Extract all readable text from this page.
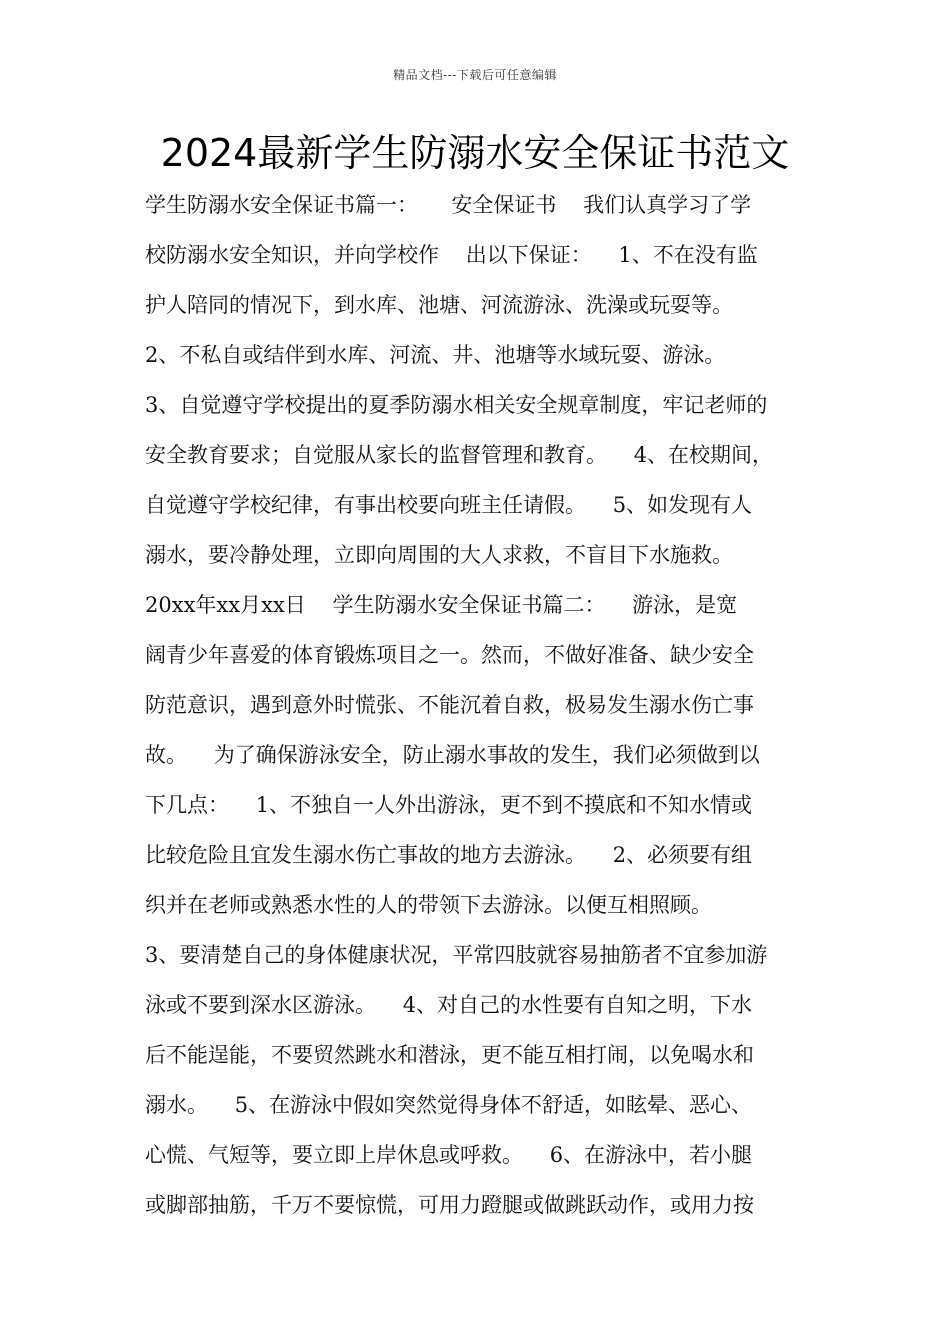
精品文档---下载后可任意编辑
2024最新学生防溺水安全保证书范文
学生防溺水安全保证书篇一：     安全保证书    我们认真学习了学
校防溺水安全知识，并向学校作    出以下保证：    1、不在没有监
护人陪同的情况下，到水库、池塘、河流游泳、洗澡或玩耍等。
2、不私自或结伴到水库、河流、井、池塘等水域玩耍、游泳。
3、自觉遵守学校提出的夏季防溺水相关安全规章制度，牢记老师的
安全教育要求；自觉服从家长的监督管理和教育。    4、在校期间，
自觉遵守学校纪律，有事出校要向班主任请假。    5、如发现有人
溺水，要冷静处理，立即向周围的大人求救，不盲目下水施救。
20xx年xx月xx日    学生防溺水安全保证书篇二：    游泳，是宽
阔青少年喜爱的体育锻炼项目之一。然而，不做好准备、缺少安全
防范意识，遇到意外时慌张、不能沉着自救，极易发生溺水伤亡事
故。    为了确保游泳安全，防止溺水事故的发生，我们必须做到以
下几点：    1、不独自一人外出游泳，更不到不摸底和不知水情或
比较危险且宜发生溺水伤亡事故的地方去游泳。    2、必须要有组
织并在老师或熟悉水性的人的带领下去游泳。以便互相照顾。
3、要清楚自己的身体健康状况，平常四肢就容易抽筋者不宜参加游
泳或不要到深水区游泳。    4、对自己的水性要有自知之明，下水
后不能逞能，不要贸然跳水和潜泳，更不能互相打闹，以免喝水和
溺水。    5、在游泳中假如突然觉得身体不舒适，如眩晕、恶心、
心慌、气短等，要立即上岸休息或呼救。    6、在游泳中，若小腿
或脚部抽筋，千万不要惊慌，可用力蹬腿或做跳跃动作，或用力按
